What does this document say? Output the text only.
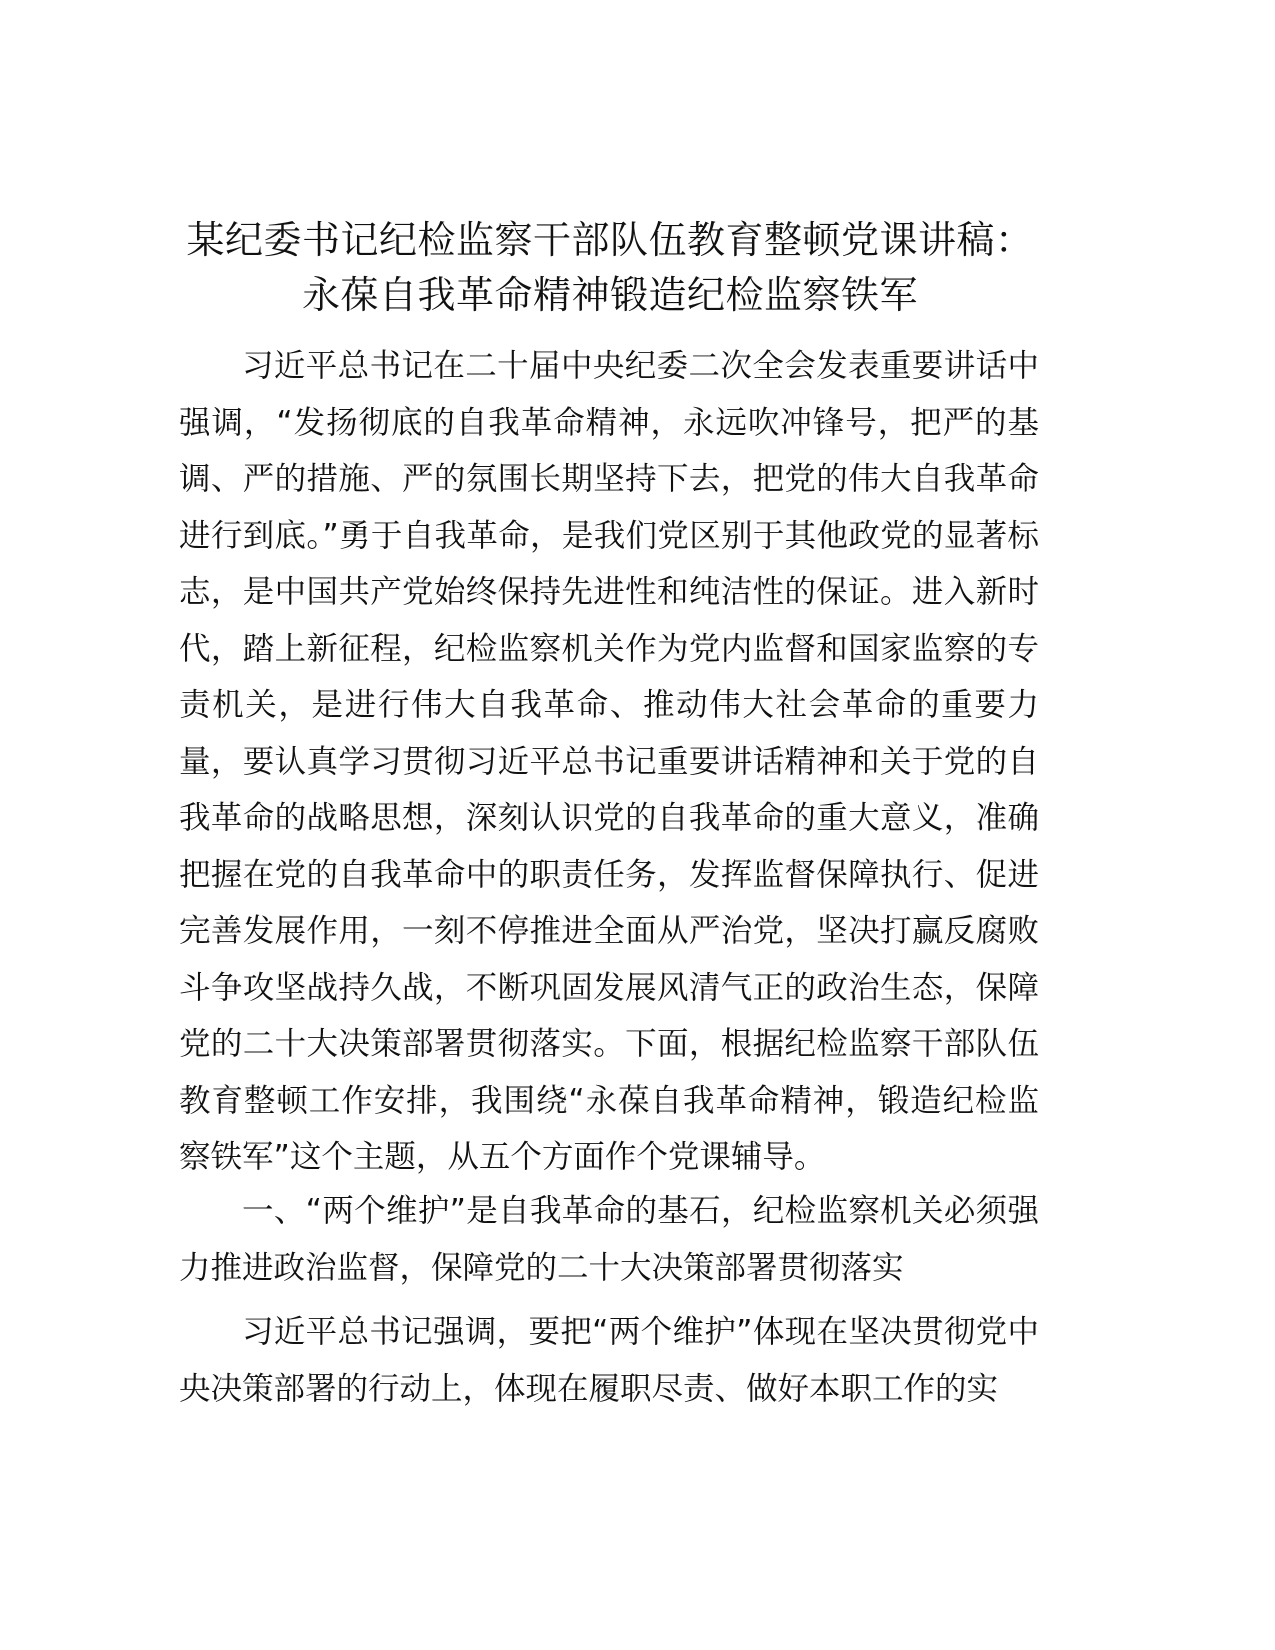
某纪委书记纪检监察干部队伍教育整顿党课讲稿：永葆自我革命精神锻造纪检监察铁军

习近平总书记在二十届中央纪委二次全会发表重要讲话中强调，“发扬彻底的自我革命精神，永远吹冲锋号，把严的基调、严的措施、严的氛围长期坚持下去，把党的伟大自我革命进行到底。”勇于自我革命，是我们党区别于其他政党的显著标志，是中国共产党始终保持先进性和纯洁性的保证。进入新时代，踏上新征程，纪检监察机关作为党内监督和国家监察的专责机关，是进行伟大自我革命、推动伟大社会革命的重要力量，要认真学习贯彻习近平总书记重要讲话精神和关于党的自我革命的战略思想，深刻认识党的自我革命的重大意义，准确把握在党的自我革命中的职责任务，发挥监督保障执行、促进完善发展作用，一刻不停推进全面从严治党，坚决打赢反腐败斗争攻坚战持久战，不断巩固发展风清气正的政治生态，保障党的二十大决策部署贯彻落实。下面，根据纪检监察干部队伍教育整顿工作安排，我围绕“永葆自我革命精神，锻造纪检监察铁军”这个主题，从五个方面作个党课辅导。

一、“两个维护”是自我革命的基石，纪检监察机关必须强力推进政治监督，保障党的二十大决策部署贯彻落实

习近平总书记强调，要把“两个维护”体现在坚决贯彻党中央决策部署的行动上，体现在履职尽责、做好本职工作的实
